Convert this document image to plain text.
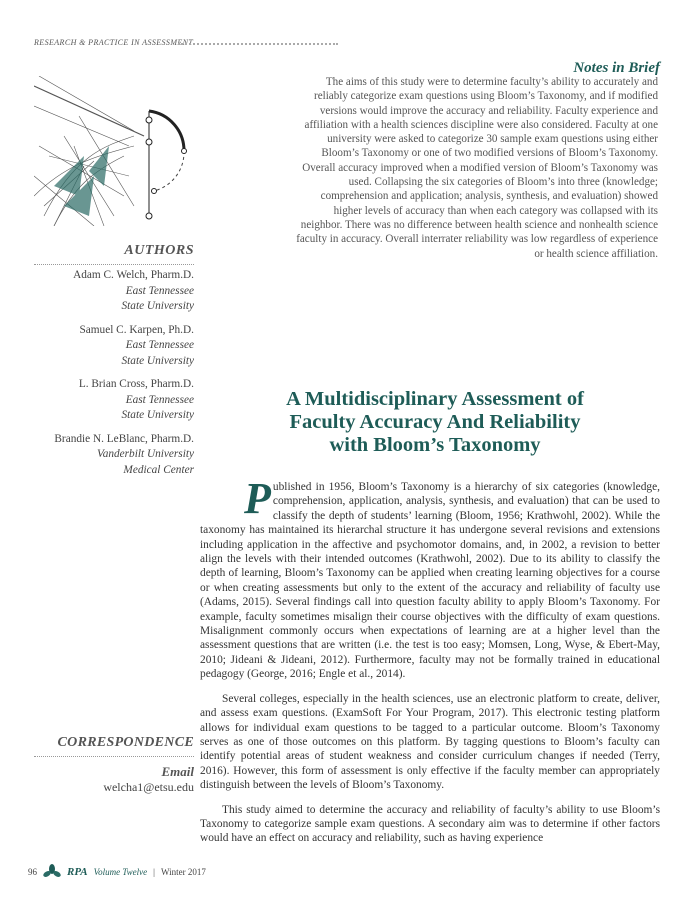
RESEARCH & PRACTICE IN ASSESSMENT
Notes in Brief
The aims of this study were to determine faculty’s ability to accurately and reliably categorize exam questions using Bloom’s Taxonomy, and if modified versions would improve the accuracy and reliability. Faculty experience and affiliation with a health sciences discipline were also considered. Faculty at one university were asked to categorize 30 sample exam questions using either Bloom’s Taxonomy or one of two modified versions of Bloom’s Taxonomy. Overall accuracy improved when a modified version of Bloom’s Taxonomy was used. Collapsing the six categories of Bloom’s into three (knowledge; comprehension and application; analysis, synthesis, and evaluation) showed higher levels of accuracy than when each category was collapsed with its neighbor. There was no difference between health science and nonhealth science faculty in accuracy. Overall interrater reliability was low regardless of experience or health science affiliation.
AUTHORS
Adam C. Welch, Pharm.D.
East Tennessee
State University
Samuel C. Karpen, Ph.D.
East Tennessee
State University
L. Brian Cross, Pharm.D.
East Tennessee
State University
Brandie N. LeBlanc, Pharm.D.
Vanderbilt University
Medical Center
A Multidisciplinary Assessment of
Faculty Accuracy And Reliability
with Bloom’s Taxonomy

Published in 1956, Bloom’s Taxonomy is a hierarchy of six categories (knowledge, comprehension, application, analysis, synthesis, and evaluation) that can be used to classify the depth of students’ learning (Bloom, 1956; Krathwohl, 2002). While the taxonomy has maintained its hierarchal structure it has undergone several revisions and extensions including application in the affective and psychomotor domains, and, in 2002, a revision to better align the levels with their intended outcomes (Krathwohl, 2002). Due to its ability to classify the depth of learning, Bloom’s Taxonomy can be applied when creating learning objectives for a course or when creating assessments but only to the extent of the accuracy and reliability of faculty use (Adams, 2015). Several findings call into question faculty ability to apply Bloom’s Taxonomy. For example, faculty sometimes misalign their course objectives with the difficulty of exam questions. Misalignment commonly occurs when expectations of learning are at a higher level than the assessment questions that are written (i.e. the test is too easy; Momsen, Long, Wyse, & Ebert-May, 2010; Jideani & Jideani, 2012). Furthermore, faculty may not be formally trained in educational pedagogy (George, 2016; Engle et al., 2014).

Several colleges, especially in the health sciences, use an electronic platform to create, deliver, and assess exam questions. (ExamSoft For Your Program, 2017). This electronic testing platform allows for individual exam questions to be tagged to a particular outcome. Bloom’s Taxonomy serves as one of those outcomes on this platform. By tagging questions to Bloom’s faculty can identify potential areas of student weakness and consider curriculum changes if needed (Terry, 2016). However, this form of assessment is only effective if the faculty member can appropriately distinguish between the levels of Bloom’s Taxonomy.

This study aimed to determine the accuracy and reliability of faculty’s ability to use Bloom’s Taxonomy to categorize sample exam questions. A secondary aim was to determine if other factors would have an effect on accuracy and reliability, such as having experience

CORRESPONDENCE
Email
welcha1@etsu.edu
96	RPA Volume Twelve | Winter 2017
